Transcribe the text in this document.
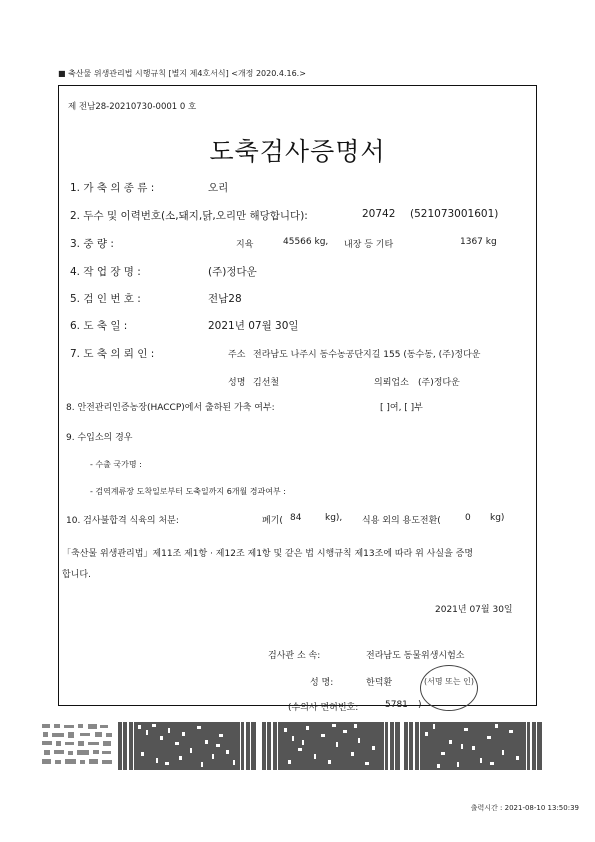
■ 축산물 위생관리법 시행규칙 [별지 제4호서식] <개정 2020.4.16.>
제 전남28-20210730-0001 0 호
도축검사증명서
1. 가 축 의 종 류 :	오리
2. 두수 및 이력번호(소,돼지,닭,오리만 해당합니다):	20742 (521073001601)
3. 중 량 :	지육	45566 kg, 내장 등 기타	1367 kg
4. 작 업 장 명 :	(주)정다운
5. 검 인 번 호 :	전남28
6. 도 축 일 :	2021년 07월 30일
7. 도 축 의 뢰 인 :	주소 전라남도 나주시 동수농공단지길 155 (동수동, (주)정다운
성명 김선철	의뢰업소 (주)정다운
8. 안전관리인증농장(HACCP)에서 출하된 가축 여부:	[ ]여, [ ]부
9. 수입소의 경우
- 수출 국가명 :
- 검역계류장 도착일로부터 도축일까지 6개월 경과여부 :
10. 검사불합격 식육의 처분:	폐기( 84	kg), 식용 외의 용도전환(	0 kg)
「축산물 위생관리법」제11조 제1항 · 제12조 제1항 및 같은 법 시행규칙 제13조에 따라 위 사실을 증명
합니다.
2021년 07월 30일
검사관 소 속:	전라남도 동물위생시험소
성 명:	한덕환	(서명 또는 인)
(수의사 면허번호:	5781 )
출력시간 : 2021-08-10 13:50:39
